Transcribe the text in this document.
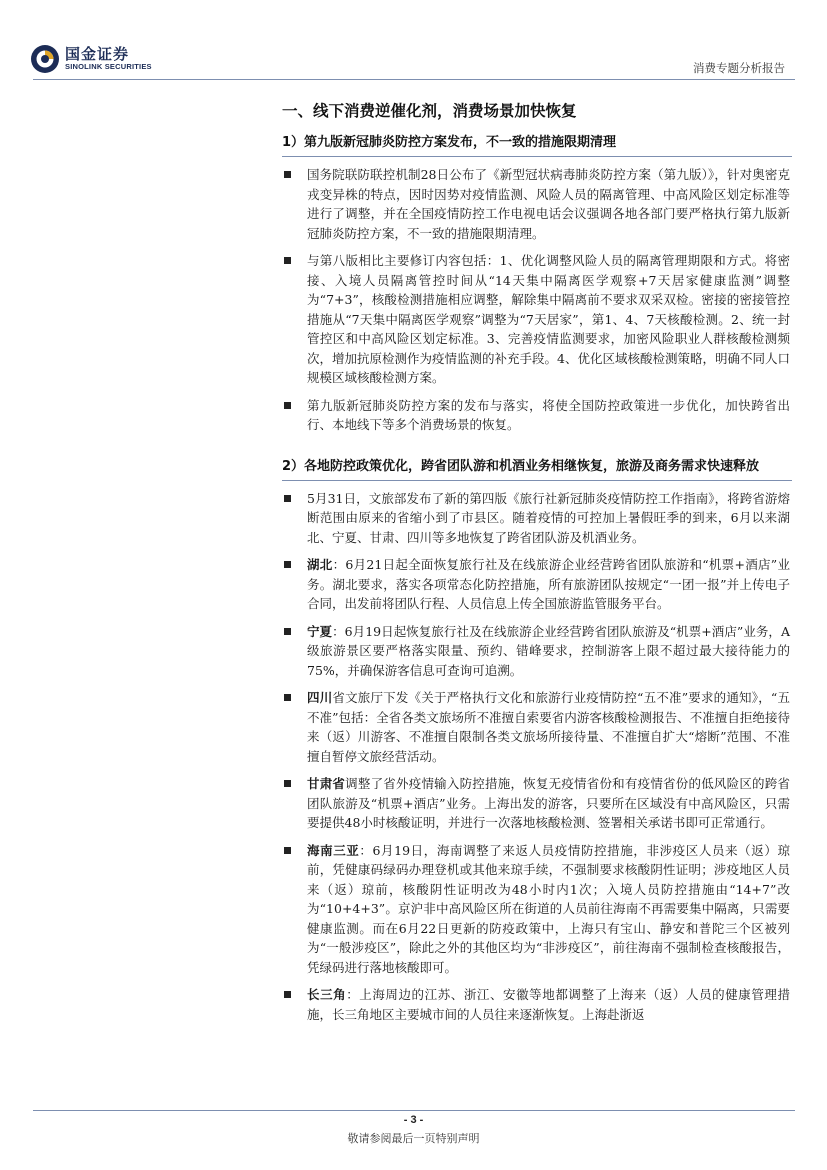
国金证券
SINOLINK SECURITIES	消费专题分析报告
一、线下消费逆催化剂，消费场景加快恢复
1）第九版新冠肺炎防控方案发布，不一致的措施限期清理
国务院联防联控机制28日公布了《新型冠状病毒肺炎防控方案（第九版）》，针对奥密克戎变异株的特点，因时因势对疫情监测、风险人员的隔离管理、中高风险区划定标准等进行了调整，并在全国疫情防控工作电视电话会议强调各地各部门要严格执行第九版新冠肺炎防控方案，不一致的措施限期清理。
与第八版相比主要修订内容包括：1、优化调整风险人员的隔离管理期限和方式。将密接、入境人员隔离管控时间从“14天集中隔离医学观察+7天居家健康监测”调整为“7+3”，核酸检测措施相应调整，解除集中隔离前不要求双采双检。密接的密接管控措施从“7天集中隔离医学观察”调整为“7天居家”，第1、4、7天核酸检测。2、统一封管控区和中高风险区划定标准。3、完善疫情监测要求，加密风险职业人群核酸检测频次，增加抗原检测作为疫情监测的补充手段。4、优化区域核酸检测策略，明确不同人口规模区域核酸检测方案。
第九版新冠肺炎防控方案的发布与落实，将使全国防控政策进一步优化，加快跨省出行、本地线下等多个消费场景的恢复。
2）各地防控政策优化，跨省团队游和机酒业务相继恢复，旅游及商务需求快速释放
5月31日，文旅部发布了新的第四版《旅行社新冠肺炎疫情防控工作指南》，将跨省游熔断范围由原来的省缩小到了市县区。随着疫情的可控加上暑假旺季的到来，6月以来湖北、宁夏、甘肃、四川等多地恢复了跨省团队游及机酒业务。
湖北：6月21日起全面恢复旅行社及在线旅游企业经营跨省团队旅游和“机票+酒店”业务。湖北要求，落实各项常态化防控措施，所有旅游团队按规定“一团一报”并上传电子合同，出发前将团队行程、人员信息上传全国旅游监管服务平台。
宁夏：6月19日起恢复旅行社及在线旅游企业经营跨省团队旅游及“机票+酒店”业务，A级旅游景区要严格落实限量、预约、错峰要求，控制游客上限不超过最大接待能力的75%，并确保游客信息可查询可追溯。
四川省文旅厅下发《关于严格执行文化和旅游行业疫情防控“五不准”要求的通知》，“五不准”包括：全省各类文旅场所不准擅自索要省内游客核酸检测报告、不准擅自拒绝接待来（返）川游客、不准擅自限制各类文旅场所接待量、不准擅自扩大“熔断”范围、不准擅自暂停文旅经营活动。
甘肃省调整了省外疫情输入防控措施，恢复无疫情省份和有疫情省份的低风险区的跨省团队旅游及“机票+酒店”业务。上海出发的游客，只要所在区域没有中高风险区，只需要提供48小时核酸证明，并进行一次落地核酸检测、签署相关承诺书即可正常通行。
海南三亚：6月19日，海南调整了来返人员疫情防控措施，非涉疫区人员来（返）琼前，凭健康码绿码办理登机或其他来琼手续，不强制要求核酸阴性证明；涉疫地区人员来（返）琼前，核酸阴性证明改为48小时内1次；入境人员防控措施由“14+7”改为“10+4+3”。京沪非中高风险区所在街道的人员前往海南不再需要集中隔离，只需要健康监测。而在6月22日更新的防疫政策中，上海只有宝山、静安和普陀三个区被列为“一般涉疫区”，除此之外的其他区均为“非涉疫区”，前往海南不强制检查核酸报告，凭绿码进行落地核酸即可。
长三角：上海周边的江苏、浙江、安徽等地都调整了上海来（返）人员的健康管理措施，长三角地区主要城市间的人员往来逐渐恢复。上海赴浙返
- 3 -
敬请参阅最后一页特别声明
